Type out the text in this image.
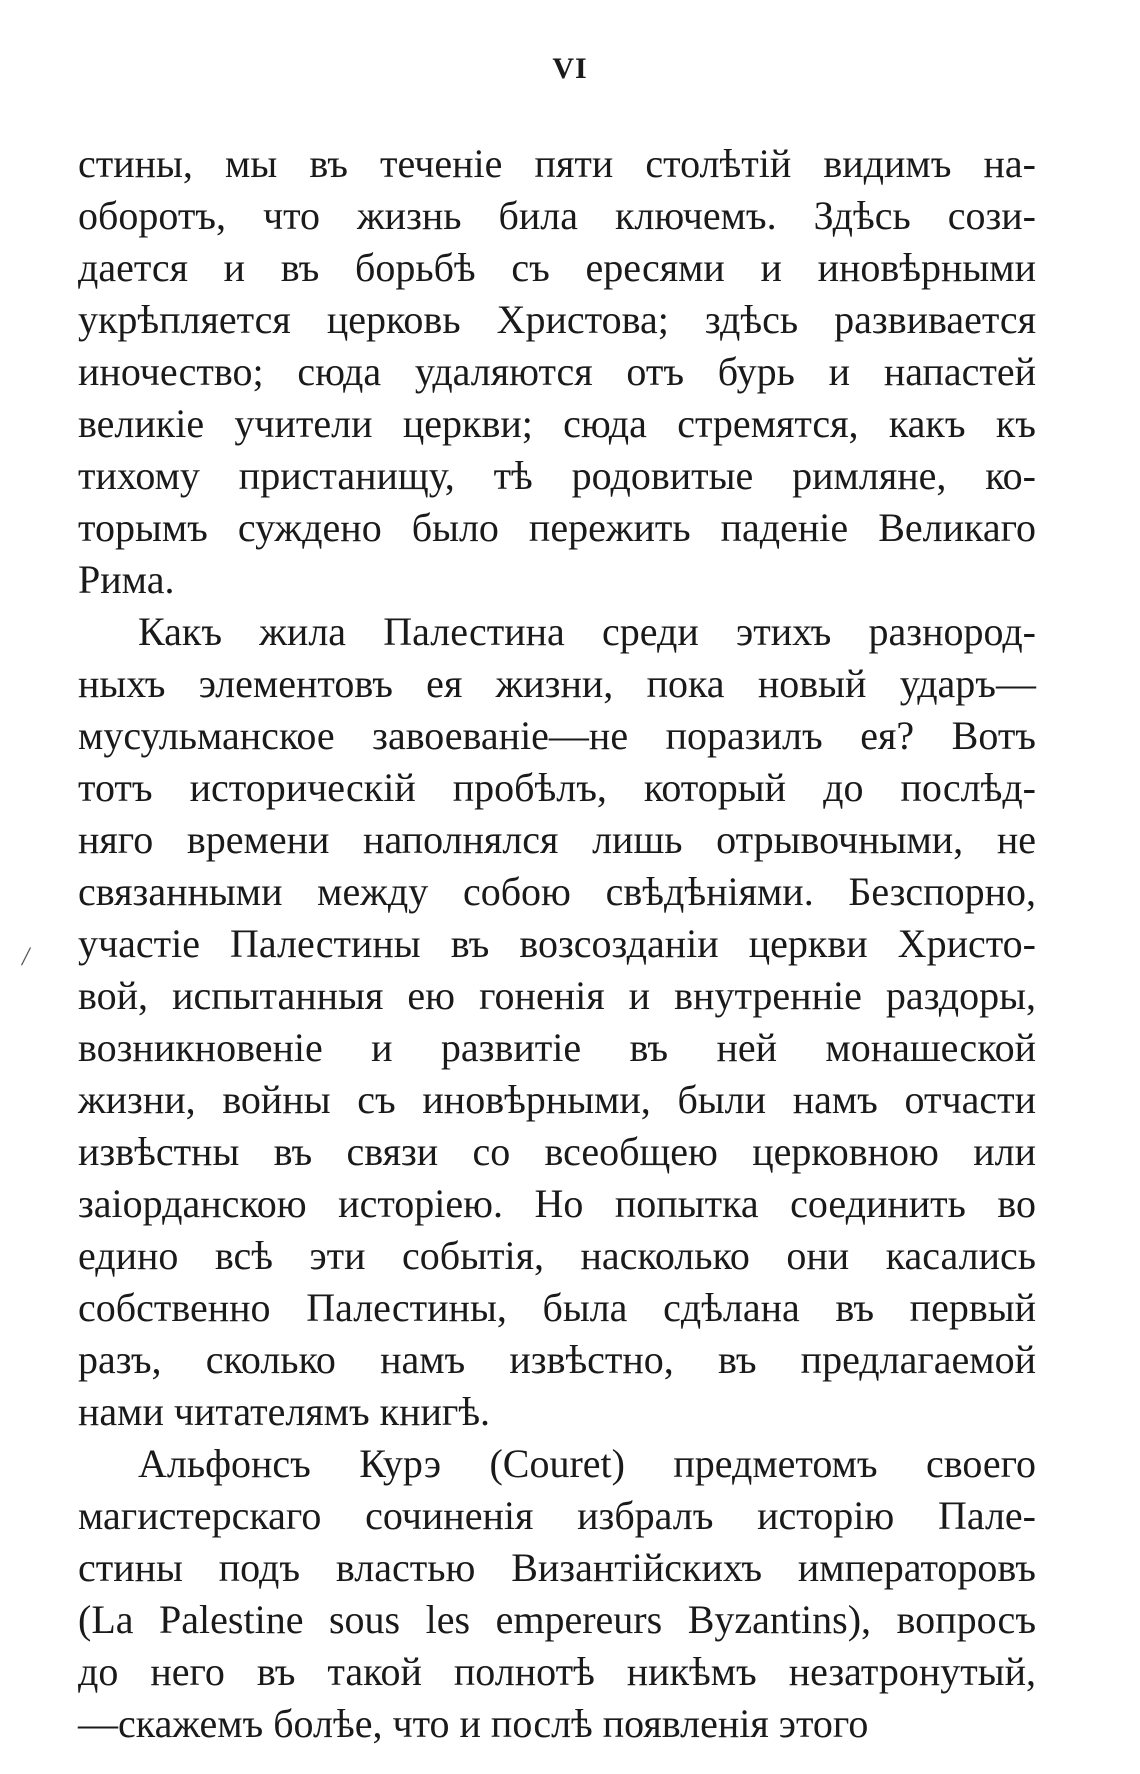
VI
/
стины, мы въ теченіе пяти столѣтій видимъ на-
оборотъ, что жизнь била ключемъ. Здѣсь сози-
дается и въ борьбѣ съ ересями и иновѣрными
укрѣпляется церковь Христова; здѣсь развивается
иночество; сюда удаляются отъ бурь и напастей
великіе учители церкви; сюда стремятся, какъ къ
тихому пристанищу, тѣ родовитые римляне, ко-
торымъ суждено было пережить паденіе Великаго
Рима.
Какъ жила Палестина среди этихъ разнород-
ныхъ элементовъ ея жизни, пока новый ударъ—
мусульманское завоеваніе—не поразилъ ея? Вотъ
тотъ историческій пробѣлъ, который до послѣд-
няго времени наполнялся лишь отрывочными, не
связанными между собою свѣдѣніями. Безспорно,
участіе Палестины въ возсозданіи церкви Христо-
вой, испытанныя ею гоненія и внутренніе раздоры,
возникновеніе и развитіе въ ней монашеской
жизни, войны съ иновѣрными, были намъ отчасти
извѣстны въ связи со всеобщею церковною или
заіорданскою исторіею. Но попытка соединить во
едино всѣ эти событія, насколько они касались
собственно Палестины, была сдѣлана въ первый
разъ, сколько намъ извѣстно, въ предлагаемой
нами читателямъ книгѣ.
Альфонсъ Курэ (Couret) предметомъ своего
магистерскаго сочиненія избралъ исторію Пале-
стины подъ властью Византійскихъ императоровъ
(La Palestine sous les empereurs Byzantins), вопросъ
до него въ такой полнотѣ никѣмъ незатронутый,
—скажемъ болѣе, что и послѣ появленія этого
